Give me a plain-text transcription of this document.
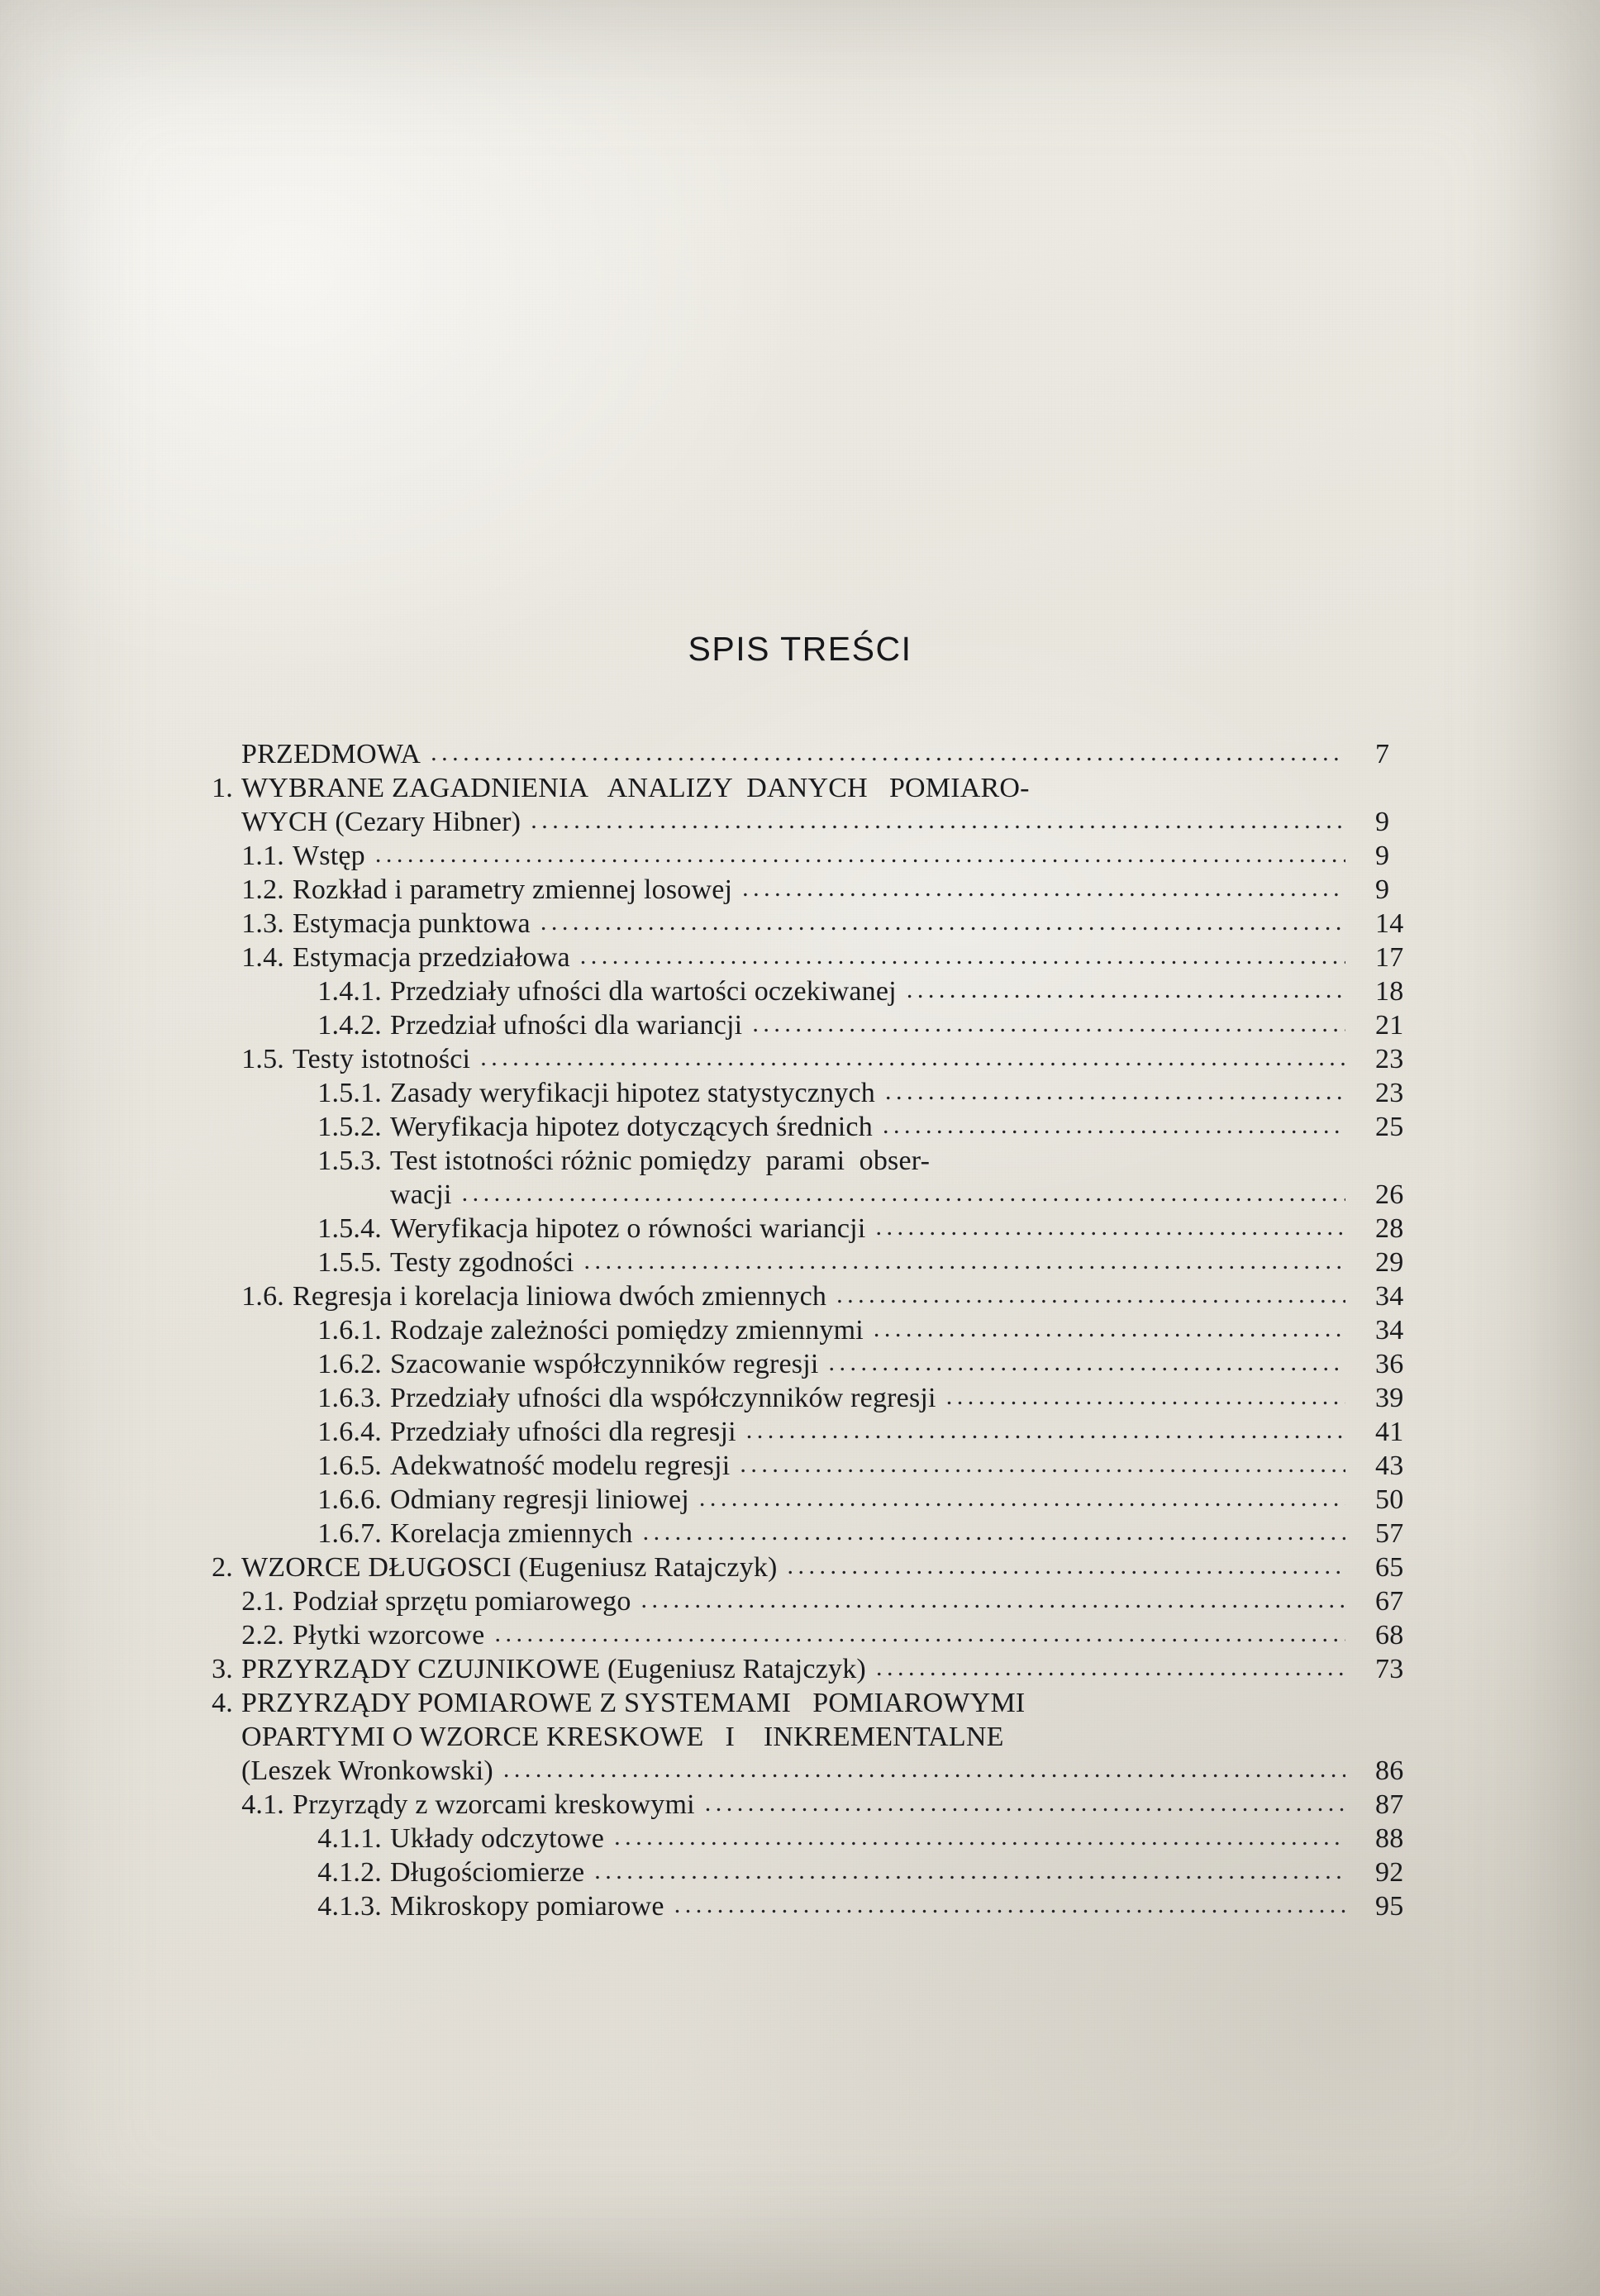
SPIS TREŚCI
PRZEDMOWA .....	7
1. WYBRANE ZAGADNIENIA   ANALIZY  DANYCH   POMIARO-
WYCH (Cezary Hibner) .....	9
1.1. Wstęp .....	9
1.2. Rozkład i parametry zmiennej losowej .....	9
1.3. Estymacja punktowa .....	14
1.4. Estymacja przedziałowa .....	17
1.4.1. Przedziały ufności dla wartości oczekiwanej .....	18
1.4.2. Przedział ufności dla wariancji .....	21
1.5. Testy istotności .....	23
1.5.1. Zasady weryfikacji hipotez statystycznych .....	23
1.5.2. Weryfikacja hipotez dotyczących średnich .....	25
1.5.3. Test istotności różnic pomiędzy  parami  obser-
wacji .....	26
1.5.4. Weryfikacja hipotez o równości wariancji .....	28
1.5.5. Testy zgodności .....	29
1.6. Regresja i korelacja liniowa dwóch zmiennych .....	34
1.6.1. Rodzaje zależności pomiędzy zmiennymi .....	34
1.6.2. Szacowanie współczynników regresji .....	36
1.6.3. Przedziały ufności dla współczynników regresji .....	39
1.6.4. Przedziały ufności dla regresji .....	41
1.6.5. Adekwatność modelu regresji .....	43
1.6.6. Odmiany regresji liniowej .....	50
1.6.7. Korelacja zmiennych .....	57
2. WZORCE DŁUGOSCI (Eugeniusz Ratajczyk) .....	65
2.1. Podział sprzętu pomiarowego .....	67
2.2. Płytki wzorcowe .....	68
3. PRZYRZĄDY CZUJNIKOWE (Eugeniusz Ratajczyk) .....	73
4. PRZYRZĄDY POMIAROWE Z SYSTEMAMI   POMIAROWYMI
OPARTYMI O WZORCE KRESKOWE   I    INKREMENTALNE
(Leszek Wronkowski) .....	86
4.1. Przyrządy z wzorcami kreskowymi .....	87
4.1.1. Układy odczytowe .....	88
4.1.2. Długościomierze .....	92
4.1.3. Mikroskopy pomiarowe .....	95
